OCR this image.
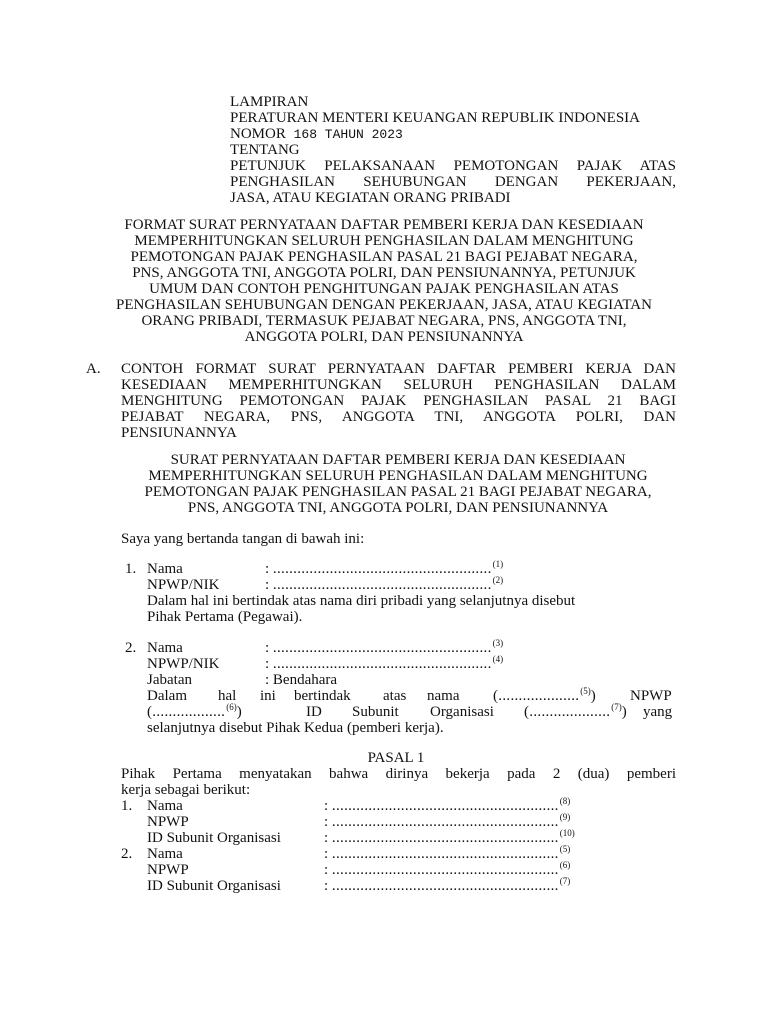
LAMPIRAN
PERATURAN MENTERI KEUANGAN REPUBLIK INDONESIA
NOMOR 168 TAHUN 2023
TENTANG
PETUNJUK PELAKSANAAN PEMOTONGAN PAJAK ATAS
PENGHASILAN SEHUBUNGAN DENGAN PEKERJAAN,
JASA, ATAU KEGIATAN ORANG PRIBADI
FORMAT SURAT PERNYATAAN DAFTAR PEMBERI KERJA DAN KESEDIAAN
MEMPERHITUNGKAN SELURUH PENGHASILAN DALAM MENGHITUNG
PEMOTONGAN PAJAK PENGHASILAN PASAL 21 BAGI PEJABAT NEGARA,
PNS, ANGGOTA TNI, ANGGOTA POLRI, DAN PENSIUNANNYA, PETUNJUK
UMUM DAN CONTOH PENGHITUNGAN PAJAK PENGHASILAN ATAS
PENGHASILAN SEHUBUNGAN DENGAN PEKERJAAN, JASA, ATAU KEGIATAN
ORANG PRIBADI, TERMASUK PEJABAT NEGARA, PNS, ANGGOTA TNI,
ANGGOTA POLRI, DAN PENSIUNANNYA
A. CONTOH FORMAT SURAT PERNYATAAN DAFTAR PEMBERI KERJA DAN
KESEDIAAN MEMPERHITUNGKAN SELURUH PENGHASILAN DALAM
MENGHITUNG PEMOTONGAN PAJAK PENGHASILAN PASAL 21 BAGI
PEJABAT NEGARA, PNS, ANGGOTA TNI, ANGGOTA POLRI, DAN
PENSIUNANNYA
SURAT PERNYATAAN DAFTAR PEMBERI KERJA DAN KESEDIAAN
MEMPERHITUNGKAN SELURUH PENGHASILAN DALAM MENGHITUNG
PEMOTONGAN PAJAK PENGHASILAN PASAL 21 BAGI PEJABAT NEGARA,
PNS, ANGGOTA TNI, ANGGOTA POLRI, DAN PENSIUNANNYA
Saya yang bertanda tangan di bawah ini:
1. Nama	: ......................................................$^{(1)}$
NPWP/NIK	: ......................................................$^{(2)}$
Dalam hal ini bertindak atas nama diri pribadi yang selanjutnya disebut
Pihak Pertama (Pegawai).
2. Nama	: ......................................................$^{(3)}$
NPWP/NIK	: ......................................................$^{(4)}$
Jabatan	: Bendahara
Dalam hal ini bertindak atas nama (....................$^{(5)}$) NPWP
(..................$^{(6)}$)	ID Subunit Organisasi (....................$^{(7)}$) yang
selanjutnya disebut Pihak Kedua (pemberi kerja).
PASAL 1
Pihak Pertama menyatakan bahwa dirinya bekerja pada 2 (dua) pemberi
kerja sebagai berikut:
1. Nama	: ........................................................$^{(8)}$
NPWP	: ........................................................$^{(9)}$
ID Subunit Organisasi	: ........................................................$^{(10)}$
2. Nama	: ........................................................$^{(5)}$
NPWP	: ........................................................$^{(6)}$
ID Subunit Organisasi	: ........................................................$^{(7)}$
